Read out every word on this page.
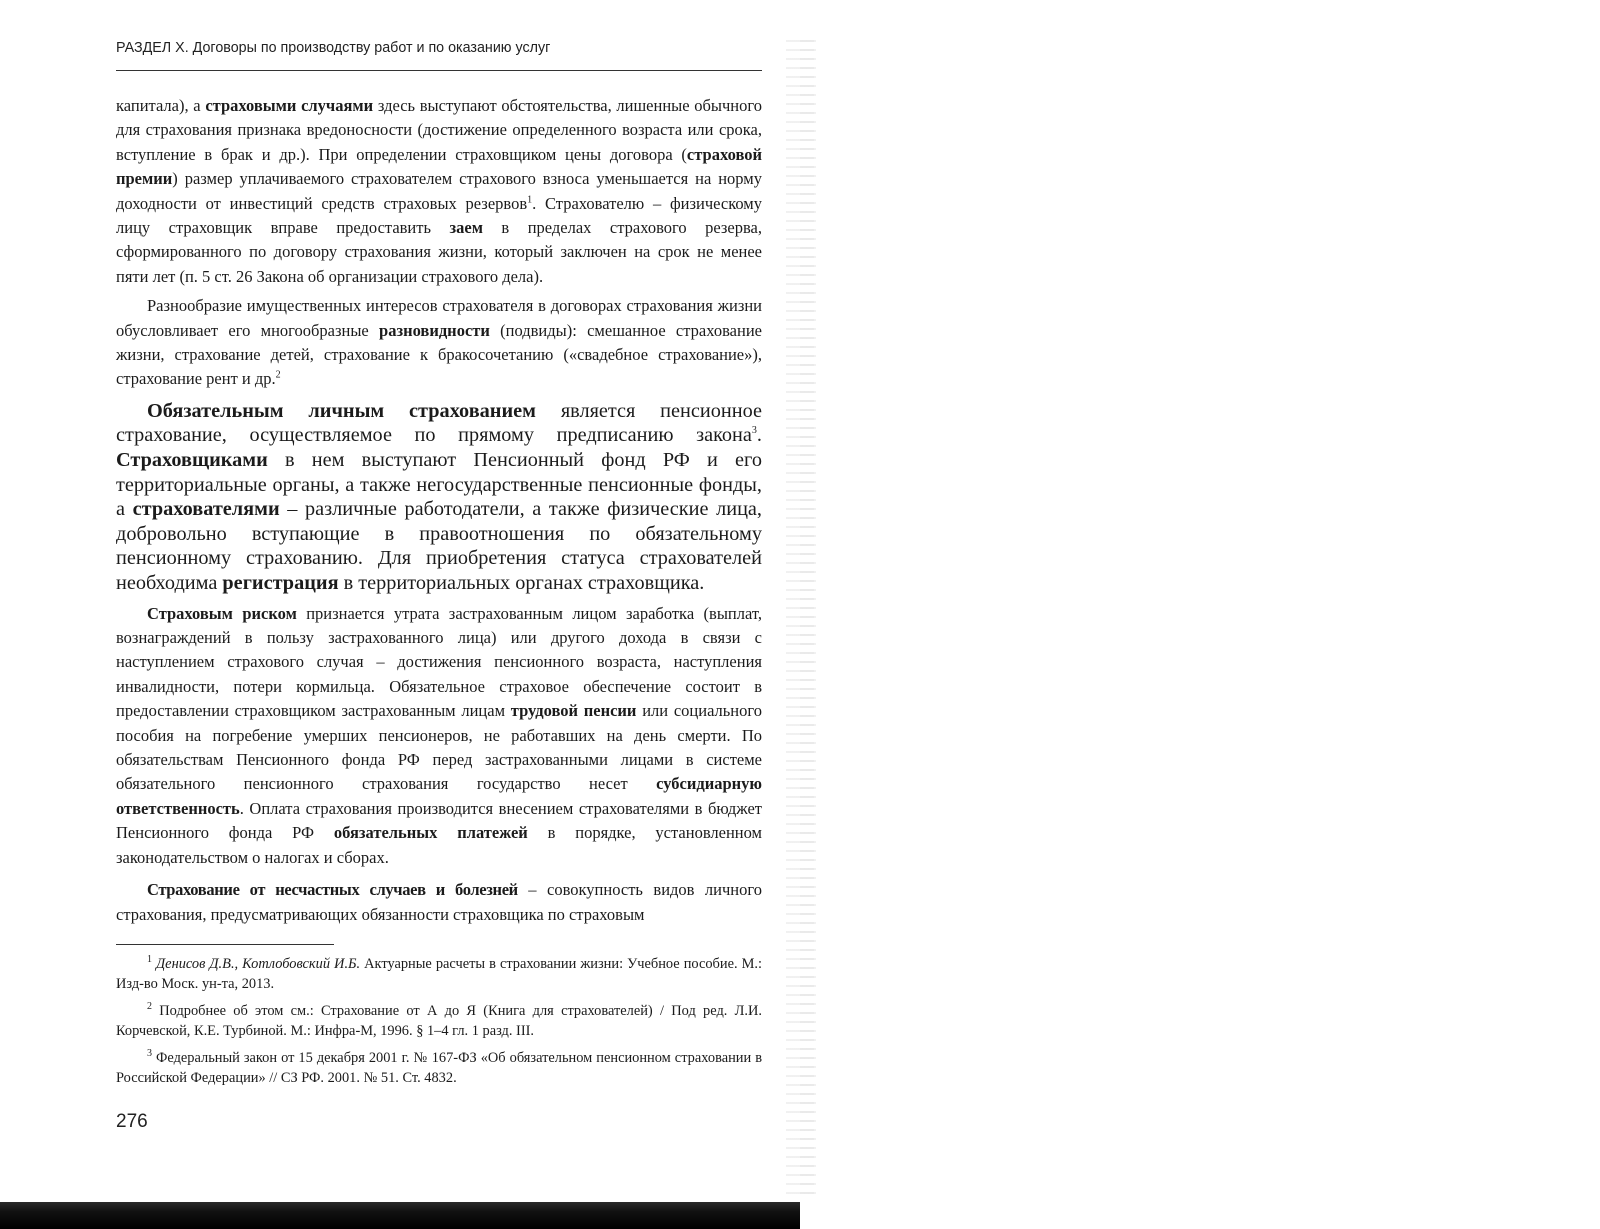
РАЗДЕЛ X. Договоры по производству работ и по оказанию услуг

капитала), а страховыми случаями здесь выступают обстоятельства, лишенные обычного для страхования признака вредоносности (достижение определенного возраста или срока, вступление в брак и др.). При определении страховщиком цены договора (страховой премии) размер уплачиваемого страхователем страхового взноса уменьшается на норму доходности от инвестиций средств страховых резервов$^1$. Страхователю – физическому лицу страховщик вправе предоставить заем в пределах страхового резерва, сформированного по договору страхования жизни, который заключен на срок не менее пяти лет (п. 5 ст. 26 Закона об организации страхового дела).

Разнообразие имущественных интересов страхователя в договорах страхования жизни обусловливает его многообразные разновидности (подвиды): смешанное страхование жизни, страхование детей, страхование к бракосочетанию («свадебное страхование»), страхование рент и др.$^2$

Обязательным личным страхованием является пенсионное страхование, осуществляемое по прямому предписанию закона$^3$. Страховщиками в нем выступают Пенсионный фонд РФ и его территориальные органы, а также негосударственные пенсионные фонды, а страхователями – различные работодатели, а также физические лица, добровольно вступающие в правоотношения по обязательному пенсионному страхованию. Для приобретения статуса страхователей необходима регистрация в территориальных органах страховщика.

Страховым риском признается утрата застрахованным лицом заработка (выплат, вознаграждений в пользу застрахованного лица) или другого дохода в связи с наступлением страхового случая – достижения пенсионного возраста, наступления инвалидности, потери кормильца. Обязательное страховое обеспечение состоит в предоставлении страховщиком застрахованным лицам трудовой пенсии или социального пособия на погребение умерших пенсионеров, не работавших на день смерти. По обязательствам Пенсионного фонда РФ перед застрахованными лицами в системе обязательного пенсионного страхования государство несет субсидиарную ответственность. Оплата страхования производится внесением страхователями в бюджет Пенсионного фонда РФ обязательных платежей в порядке, установленном законодательством о налогах и сборах.

Страхование от несчастных случаев и болезней – совокупность видов личного страхования, предусматривающих обязанности страховщика по страховым

$^1$ Денисов Д.В., Котлобовский И.Б. Актуарные расчеты в страховании жизни: Учебное пособие. М.: Изд-во Моск. ун-та, 2013.

$^2$ Подробнее об этом см.: Страхование от А до Я (Книга для страхователей) / Под ред. Л.И. Корчевской, К.Е. Турбиной. М.: Инфра-М, 1996. § 1–4 гл. 1 разд. III.

$^3$ Федеральный закон от 15 декабря 2001 г. № 167-ФЗ «Об обязательном пенсионном страховании в Российской Федерации» // СЗ РФ. 2001. № 51. Ст. 4832.

276
